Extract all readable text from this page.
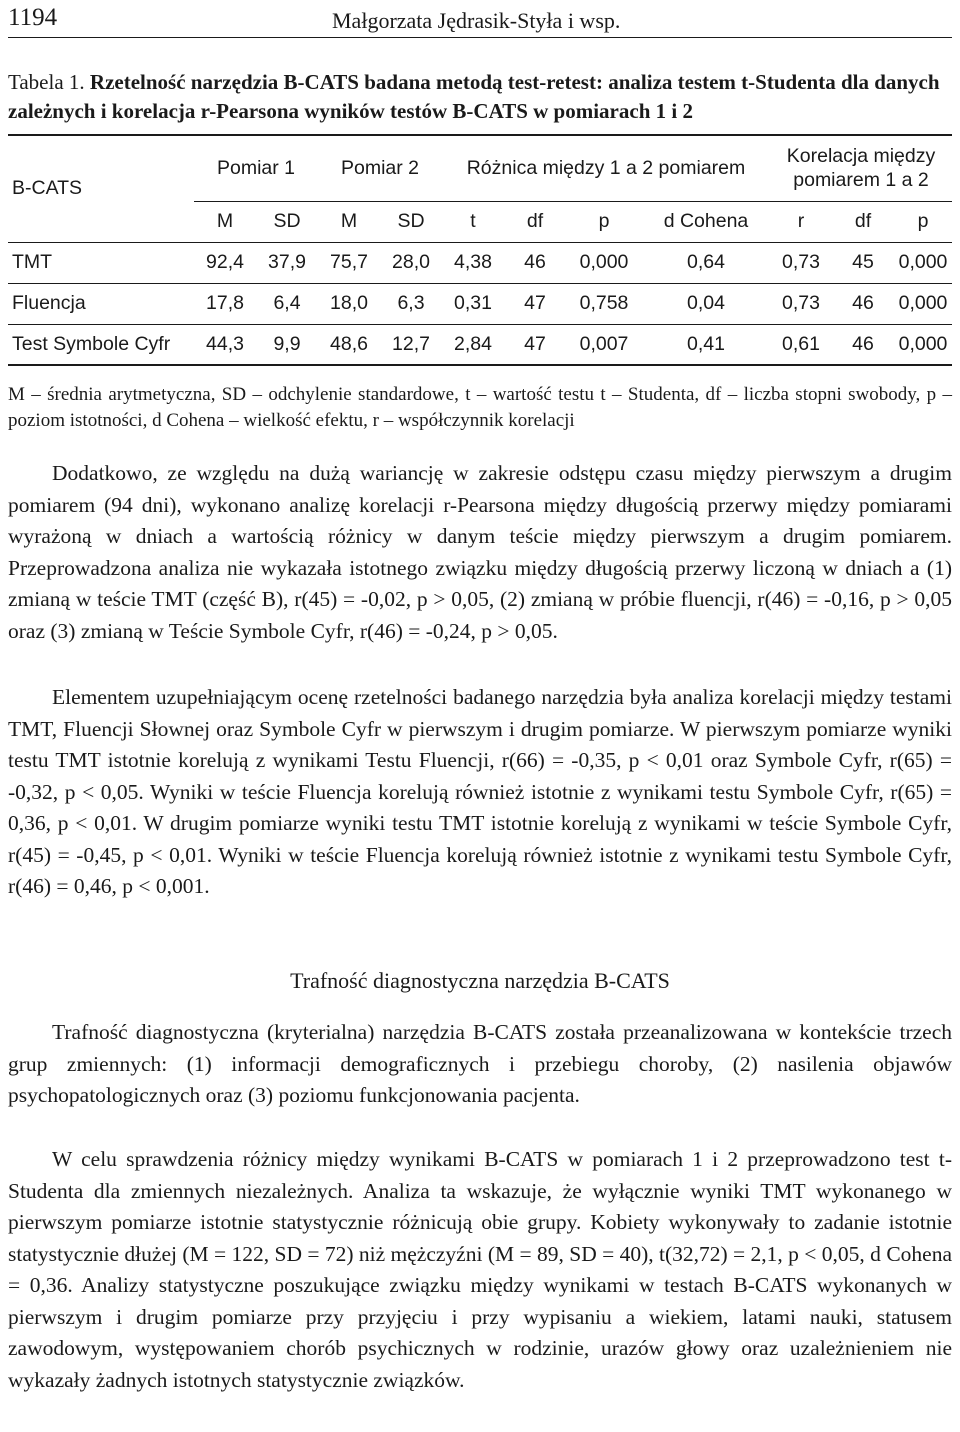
1194	Małgorzata Jędrasik-Styła i wsp.
Tabela 1. Rzetelność narzędzia B-CATS badana metodą test-retest: analiza testem t-Studenta dla danych zależnych i korelacja r-Pearsona wyników testów B-CATS w pomiarach 1 i 2
B-CATS	Pomiar 1		Pomiar 2		Różnica między 1 a 2 pomiarem				Korelacja między pomiarem 1 a 2		
	M	SD	M	SD	t	df	p	d Cohena	r	df	p
TMT	92,4	37,9	75,7	28,0	4,38	46	0,000	0,64	0,73	45	0,000
Fluencja	17,8	6,4	18,0	6,3	0,31	47	0,758	0,04	0,73	46	0,000
Test Symbole Cyfr	44,3	9,9	48,6	12,7	2,84	47	0,007	0,41	0,61	46	0,000

M – średnia arytmetyczna, SD – odchylenie standardowe, t – wartość testu t – Studenta, df – liczba stopni swobody, p – poziom istotności, d Cohena – wielkość efektu, r – współczynnik korelacji

Dodatkowo, ze względu na dużą wariancję w zakresie odstępu czasu między pierwszym a drugim pomiarem (94 dni), wykonano analizę korelacji r-Pearsona między długością przerwy między pomiarami wyrażoną w dniach a wartością różnicy w danym teście między pierwszym a drugim pomiarem. Przeprowadzona analiza nie wykazała istotnego związku między długością przerwy liczoną w dniach a (1) zmianą w teście TMT (część B), r(45) = -0,02, p > 0,05, (2) zmianą w próbie fluencji, r(46) = -0,16, p > 0,05 oraz (3) zmianą w Teście Symbole Cyfr, r(46) = -0,24, p > 0,05.

Elementem uzupełniającym ocenę rzetelności badanego narzędzia była analiza korelacji między testami TMT, Fluencji Słownej oraz Symbole Cyfr w pierwszym i drugim pomiarze. W pierwszym pomiarze wyniki testu TMT istotnie korelują z wynikami Testu Fluencji, r(66) = -0,35, p < 0,01 oraz Symbole Cyfr, r(65) = -0,32, p < 0,05. Wyniki w teście Fluencja korelują również istotnie z wynikami testu Symbole Cyfr, r(65) = 0,36, p < 0,01. W drugim pomiarze wyniki testu TMT istotnie korelują z wynikami w teście Symbole Cyfr, r(45) = -0,45, p < 0,01. Wyniki w teście Fluencja korelują również istotnie z wynikami testu Symbole Cyfr, r(46) = 0,46, p < 0,001.

Trafność diagnostyczna narzędzia B-CATS

Trafność diagnostyczna (kryterialna) narzędzia B-CATS została przeanalizowana w kontekście trzech grup zmiennych: (1) informacji demograficznych i przebiegu choroby, (2) nasilenia objawów psychopatologicznych oraz (3) poziomu funkcjonowania pacjenta.

W celu sprawdzenia różnicy między wynikami B-CATS w pomiarach 1 i 2 przeprowadzono test t-Studenta dla zmiennych niezależnych. Analiza ta wskazuje, że wyłącznie wyniki TMT wykonanego w pierwszym pomiarze istotnie statystycznie różnicują obie grupy. Kobiety wykonywały to zadanie istotnie statystycznie dłużej (M = 122, SD = 72) niż mężczyźni (M = 89, SD = 40), t(32,72) = 2,1, p < 0,05, d Cohena = 0,36. Analizy statystyczne poszukujące związku między wynikami w testach B-CATS wykonanych w pierwszym i drugim pomiarze przy przyjęciu i przy wypisaniu a wiekiem, latami nauki, statusem zawodowym, występowaniem chorób psychicznych w rodzinie, urazów głowy oraz uzależnieniem nie wykazały żadnych istotnych statystycznie związków.
